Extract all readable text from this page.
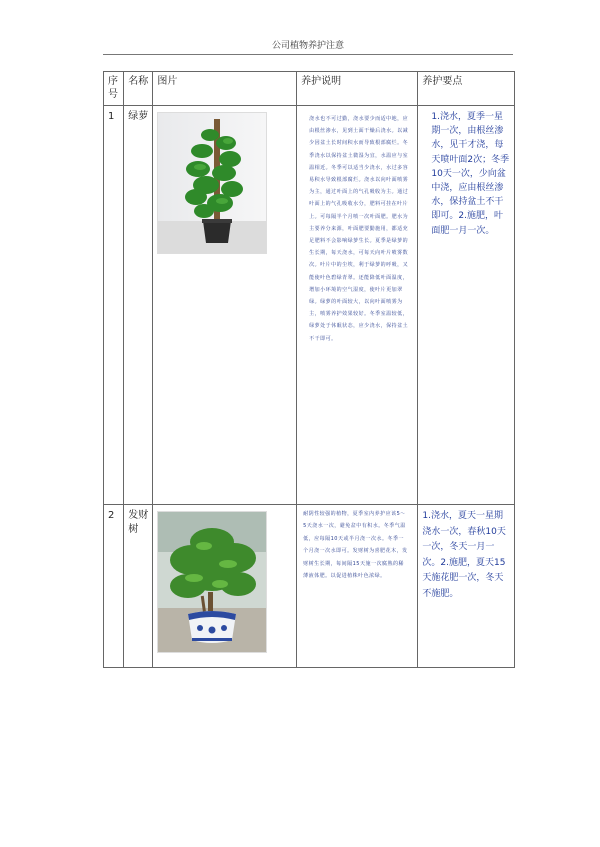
公司植物养护注意
序号	名称	图片	养护说明	养护要点
1	绿萝		浇水也不可过勤，浇水要少而适中地，应由根丝渗水，见到土面干燥后浇水。以减少因盆土长时间积水而导致根部腐烂。冬季浇水以保持盆土微湿为宜，水温应与室温相近。冬季可以适当少浇水，水过多容易积水导致根部腐烂。浇水以向叶面喷雾为主，通过叶面上的气孔吸收为主。通过叶面上的气孔吸收水分，肥料可挂在叶片上。可每隔半个月喷一次叶面肥。肥水为主要养分来源，叶面肥要勤施用，都适充足肥料不会影响绿萝生长。夏季是绿萝的生长期，每天浇水，可每天向叶片喷雾数次。叶片中的尘埃，利于绿萝的呼吸，又能使叶色碧绿青翠。还能降低叶面温度，增加小环境的空气湿度，使叶片更加翠绿。绿萝的叶面较大，以向叶面喷雾为主，喷雾养护效果较好。冬季室温较低，绿萝处于休眠状态，应少浇水，保持盆土不干即可。	1.浇水，夏季一星期一次，由根丝渗水，见干才浇，每天喷叶面2次；冬季10天一次，少向盆中浇，应由根丝渗水，保持盆土不干即可。2.施肥，叶面肥一月一次。
2	发财树		耐阴性较强的植物，夏季室内养护应该5～5天浇水一次，避免盆中有积水。冬季气温低，应每隔10天或半月浇一次水。冬季一个月浇一次水即可。发财树为喜肥花木，发财树生长期，每间隔15天施一次腐熟的稀薄液体肥。以促进植株叶色浓绿。	1.浇水，夏天一星期浇水一次，春秋10天一次，冬天一月一次。2.施肥，夏天15天施花肥一次，冬天不施肥。
